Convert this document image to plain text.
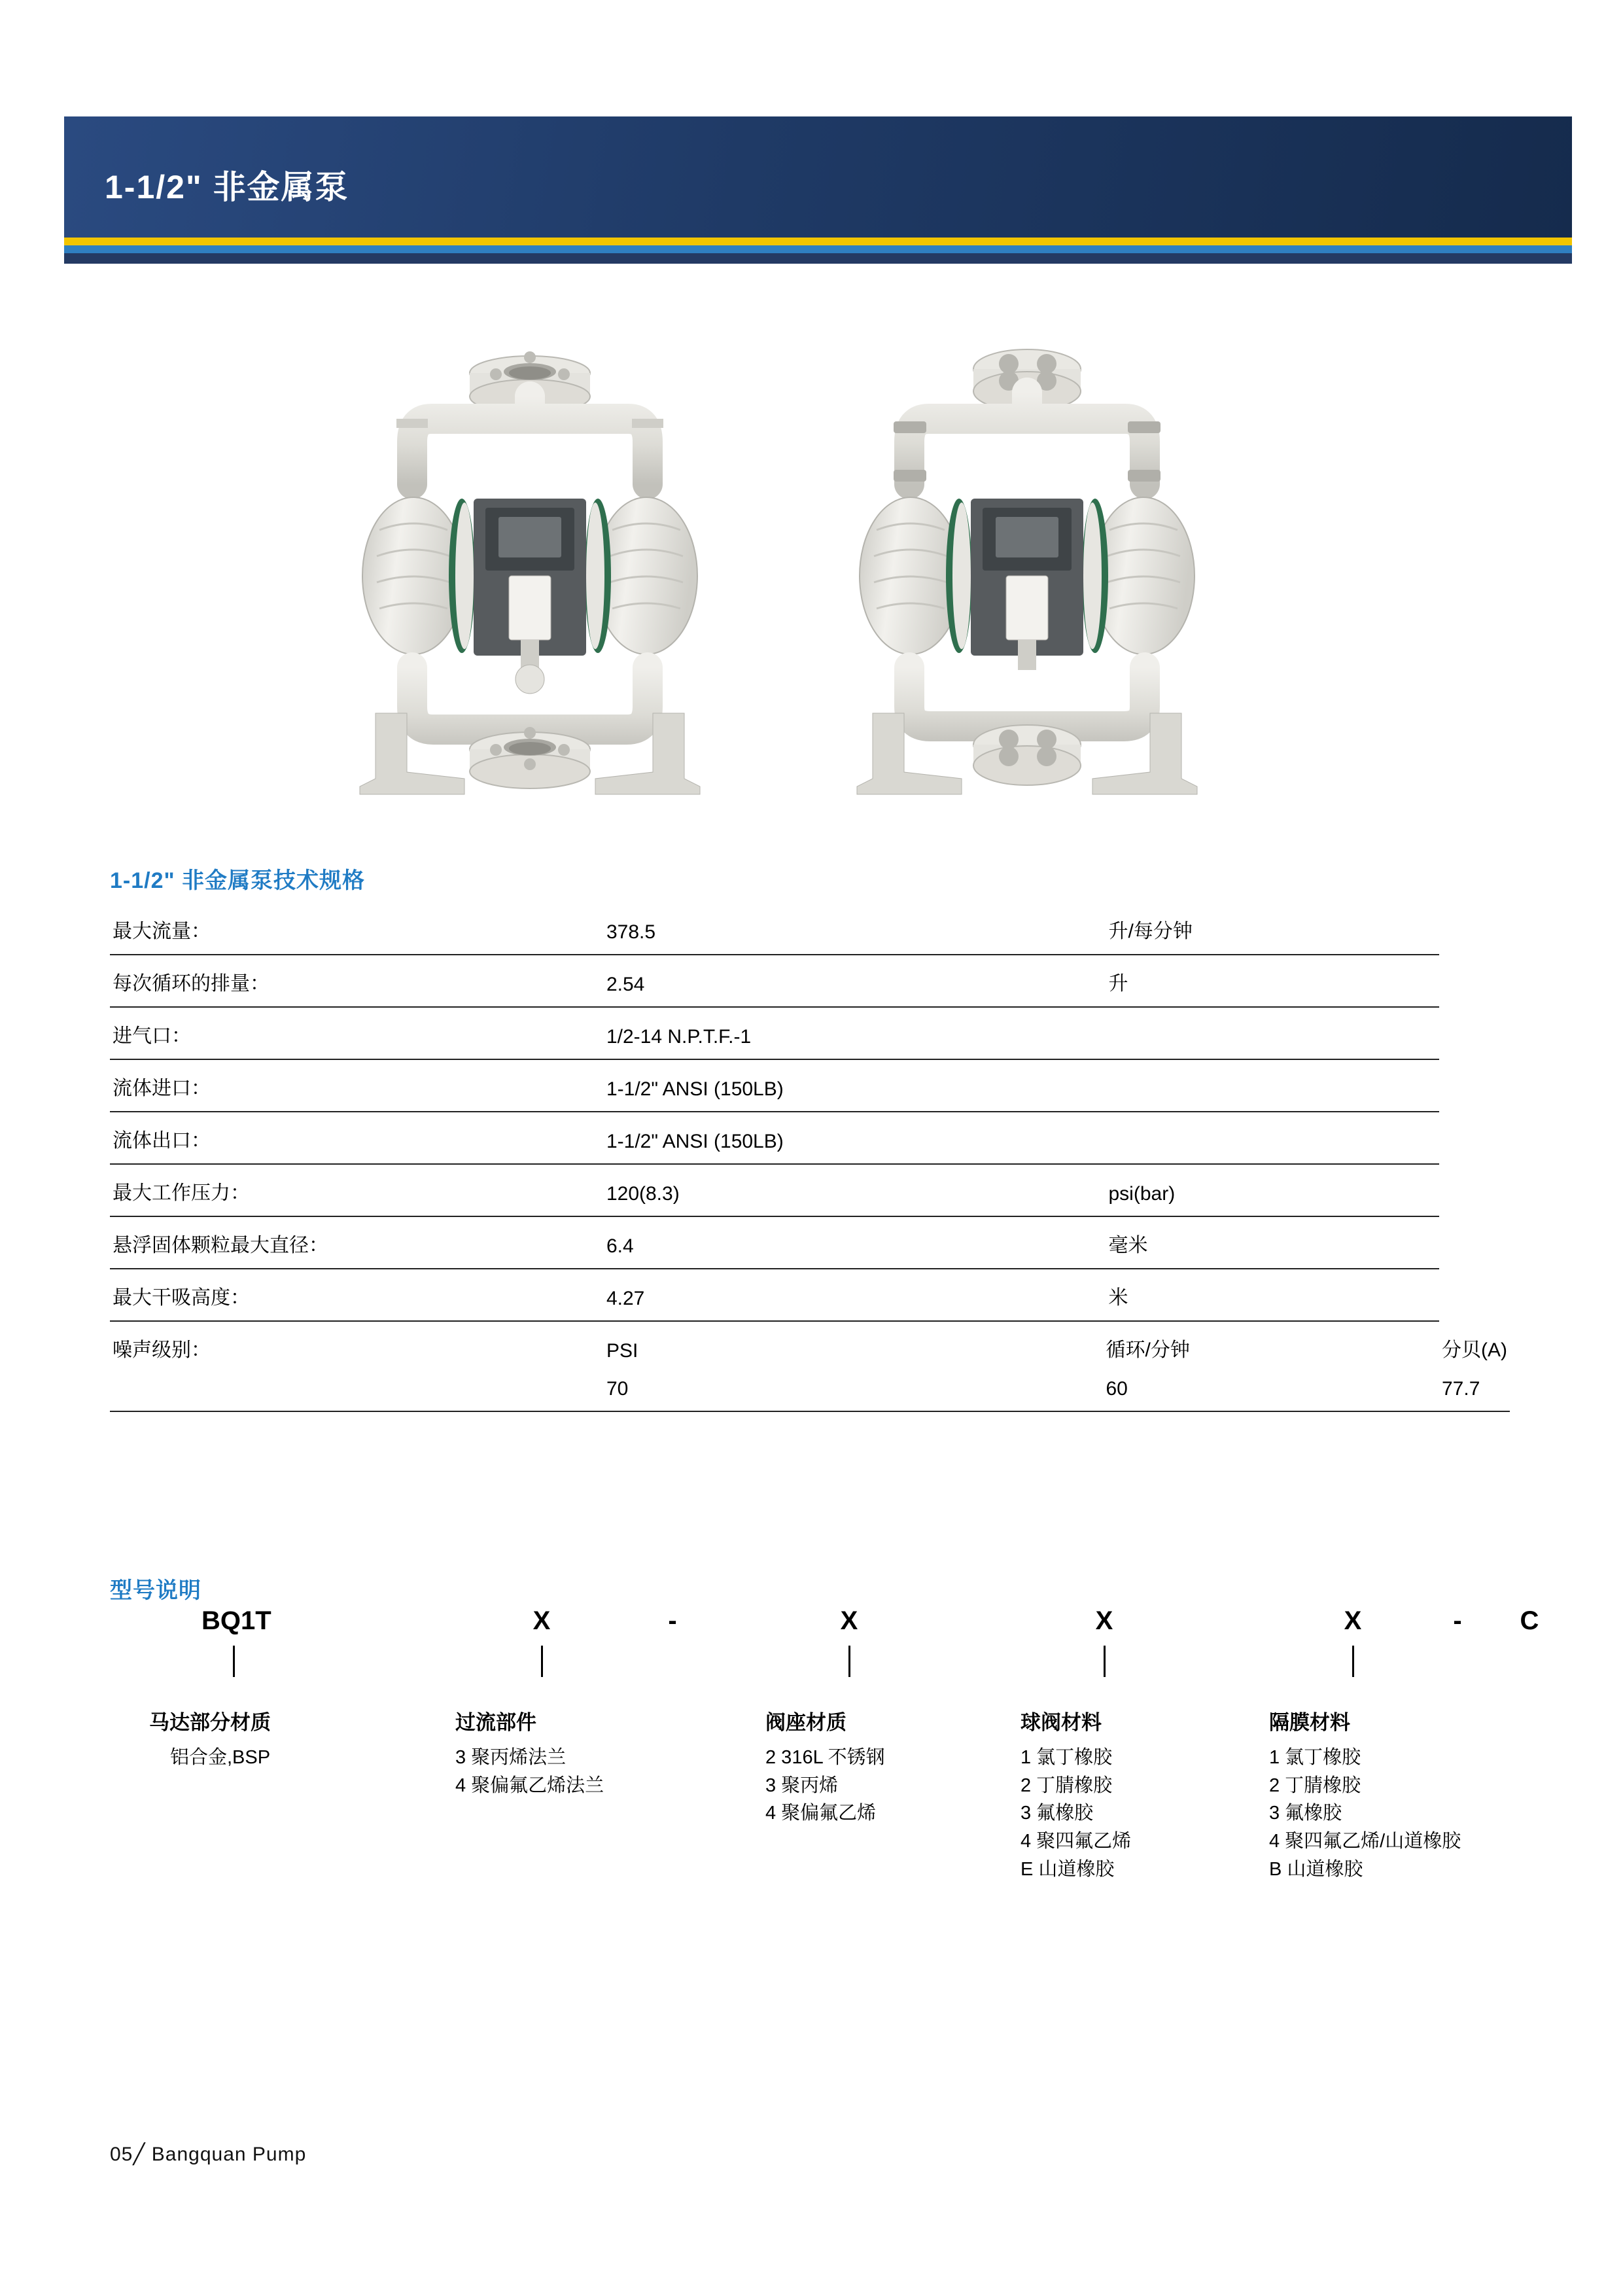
1-1/2" 非金属泵
1-1/2" 非金属泵技术规格
最大流量：	378.5	升/每分钟	
每次循环的排量：	2.54	升	
进气口：	1/2-14 N.P.T.F.-1		
流体进口：	1-1/2" ANSI (150LB)		
流体出口：	1-1/2" ANSI (150LB)		
最大工作压力：	120(8.3)	psi(bar)	
悬浮固体颗粒最大直径：	6.4	毫米	
最大干吸高度：	4.27	米	
噪声级别：	PSI	循环/分钟	分贝(A)
	70	60	77.7
型号说明
BQ 1T	X	-	X	X	X	-	C
马达部分材质
铝合金,BSP
过流部件
3 聚丙烯法兰
4 聚偏氟乙烯法兰
阀座材质
2 316L 不锈钢
3 聚丙烯
4 聚偏氟乙烯
球阀材料
1 氯丁橡胶
2 丁腈橡胶
3 氟橡胶
4 聚四氟乙烯
E 山道橡胶
隔膜材料
1 氯丁橡胶
2 丁腈橡胶
3 氟橡胶
4 聚四氟乙烯/山道橡胶
B 山道橡胶
05╱ Bangquan Pump
